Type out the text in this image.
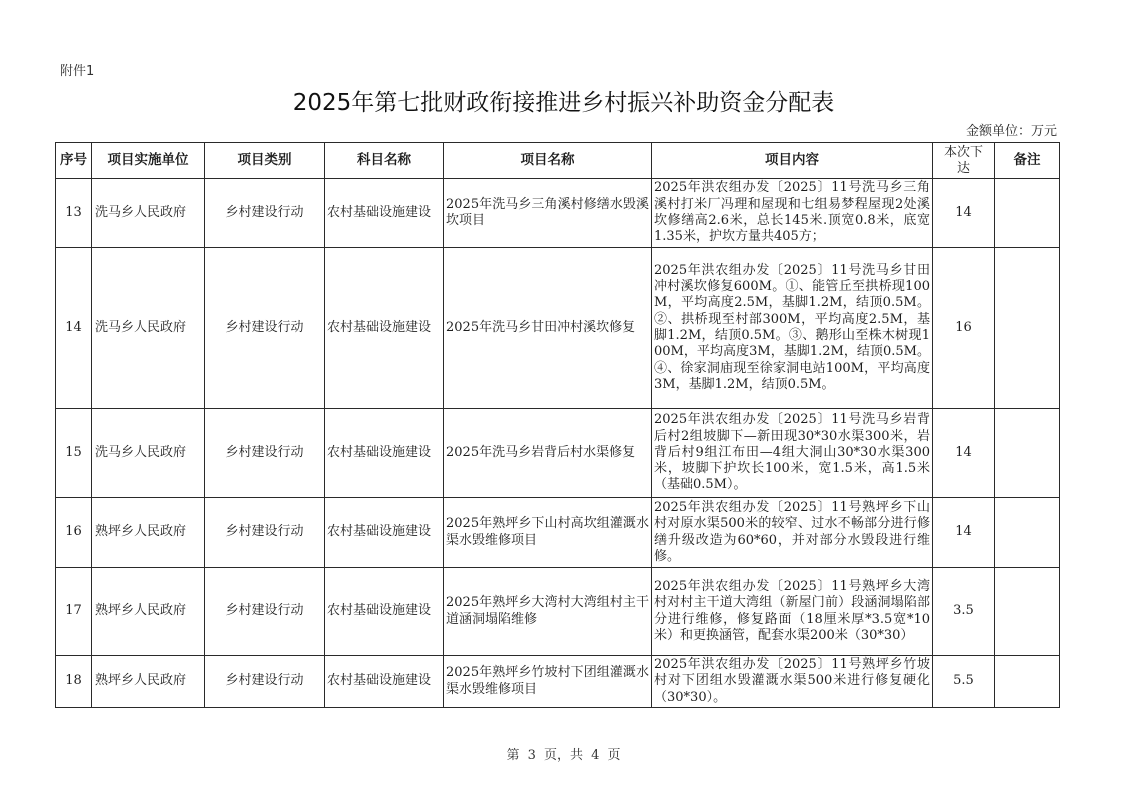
附件1
2025年第七批财政衔接推进乡村振兴补助资金分配表
金额单位：万元
序号	项目实施单位	项目类别	科目名称	项目名称	项目内容	本次下达	备注
13	洗马乡人民政府	乡村建设行动	农村基础设施建设	2025年洗马乡三角溪村修缮水毁溪坎项目	2025年洪农组办发〔2025〕11号洗马乡三角溪村打米厂冯理和屋现和七组易梦程屋现2处溪坎修缮高2.6米，总长145米.顶宽0.8米，底宽1.35米，护坎方量共405方；	14	
14	洗马乡人民政府	乡村建设行动	农村基础设施建设	2025年洗马乡甘田冲村溪坎修复	2025年洪农组办发〔2025〕11号洗马乡甘田冲村溪坎修复600M。①、能管丘至拱桥现100M，平均高度2.5M，基脚1.2M，结顶0.5M。②、拱桥现至村部300M，平均高度2.5M，基脚1.2M，结顶0.5M。③、鹅形山至株木树现100M，平均高度3M，基脚1.2M，结顶0.5M。④、徐家洞庙现至徐家洞电站100M，平均高度3M，基脚1.2M，结顶0.5M。	16	
15	洗马乡人民政府	乡村建设行动	农村基础设施建设	2025年洗马乡岩背后村水渠修复	2025年洪农组办发〔2025〕11号洗马乡岩背后村2组坡脚下—新田现30*30水渠300米，岩背后村9组江布田—4组大洞山30*30水渠300米，坡脚下护坎长100米，宽1.5米，高1.5米（基础0.5M）。	14	
16	熟坪乡人民政府	乡村建设行动	农村基础设施建设	2025年熟坪乡下山村高坎组灌溉水渠水毁维修项目	2025年洪农组办发〔2025〕11号熟坪乡下山村对原水渠500米的较窄、过水不畅部分进行修缮升级改造为60*60，并对部分水毁段进行维修。	14	
17	熟坪乡人民政府	乡村建设行动	农村基础设施建设	2025年熟坪乡大湾村大湾组村主干道涵洞塌陷维修	2025年洪农组办发〔2025〕11号熟坪乡大湾村对村主干道大湾组（新屋门前）段涵洞塌陷部分进行维修，修复路面（18厘米厚*3.5宽*10米）和更换涵管，配套水渠200米（30*30）	3.5	
18	熟坪乡人民政府	乡村建设行动	农村基础设施建设	2025年熟坪乡竹坡村下团组灌溉水渠水毁维修项目	2025年洪农组办发〔2025〕11号熟坪乡竹坡村对下团组水毁灌溉水渠500米进行修复硬化（30*30）。	5.5	
第 3 页，共 4 页
